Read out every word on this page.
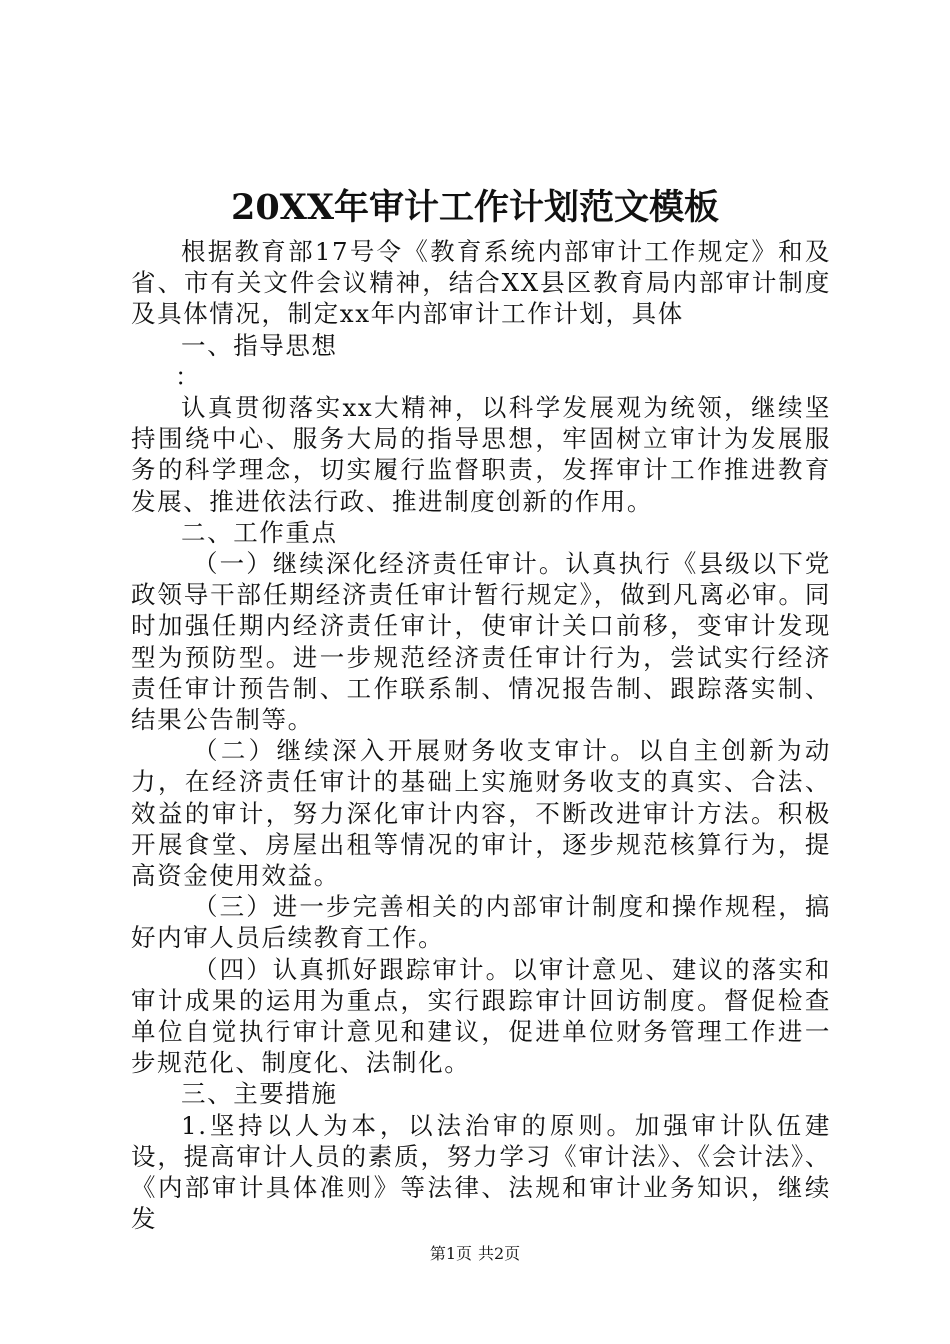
20XX年审计工作计划范文模板

根据教育部17号令《教育系统内部审计工作规定》和及省、市有关文件会议精神，结合XX县区教育局内部审计制度及具体情况，制定xx年内部审计工作计划，具体

一、指导思想

：

认真贯彻落实xx大精神，以科学发展观为统领，继续坚持围绕中心、服务大局的指导思想，牢固树立审计为发展服务的科学理念，切实履行监督职责，发挥审计工作推进教育发展、推进依法行政、推进制度创新的作用。

二、工作重点

（一）继续深化经济责任审计。认真执行《县级以下党政领导干部任期经济责任审计暂行规定》，做到凡离必审。同时加强任期内经济责任审计，使审计关口前移，变审计发现型为预防型。进一步规范经济责任审计行为，尝试实行经济责任审计预告制、工作联系制、情况报告制、跟踪落实制、结果公告制等。

（二）继续深入开展财务收支审计。以自主创新为动力，在经济责任审计的基础上实施财务收支的真实、合法、效益的审计，努力深化审计内容，不断改进审计方法。积极开展食堂、房屋出租等情况的审计，逐步规范核算行为，提高资金使用效益。

（三）进一步完善相关的内部审计制度和操作规程，搞好内审人员后续教育工作。

（四）认真抓好跟踪审计。以审计意见、建议的落实和审计成果的运用为重点，实行跟踪审计回访制度。督促检查单位自觉执行审计意见和建议，促进单位财务管理工作进一步规范化、制度化、法制化。

三、主要措施

1.坚持以人为本，以法治审的原则。加强审计队伍建设，提高审计人员的素质，努力学习《审计法》、《会计法》、《内部审计具体准则》等法律、法规和审计业务知识，继续发

第1页 共2页
